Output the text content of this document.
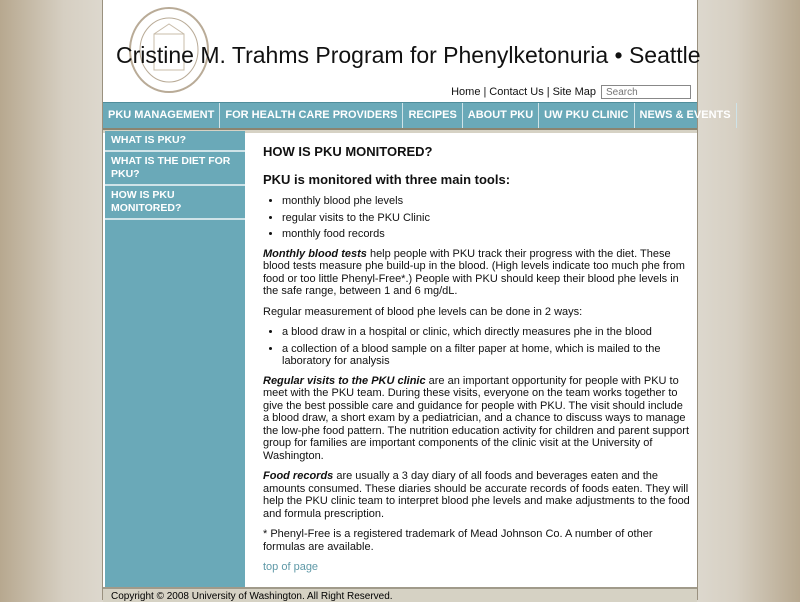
Cristine M. Trahms Program for Phenylketonuria • Seattle
Home | Contact Us | Site Map
Search
PKU MANAGEMENT	FOR HEALTH CARE PROVIDERS	RECIPES	ABOUT PKU	UW PKU CLINIC	NEWS & EVENTS
WHAT IS PKU?
WHAT IS THE DIET FOR PKU?
HOW IS PKU MONITORED?
HOW IS PKU MONITORED?
PKU is monitored with three main tools:
• monthly blood phe levels
• regular visits to the PKU Clinic
• monthly food records

Monthly blood tests help people with PKU track their progress with the diet. These blood tests measure phe build-up in the blood. (High levels indicate too much phe from food or too little Phenyl-Free*.) People with PKU should keep their blood phe levels in the safe range, between 1 and 6 mg/dL.

Regular measurement of blood phe levels can be done in 2 ways:

• a blood draw in a hospital or clinic, which directly measures phe in the blood
• a collection of a blood sample on a filter paper at home, which is mailed to the laboratory for analysis

Regular visits to the PKU clinic are an important opportunity for people with PKU to meet with the PKU team. During these visits, everyone on the team works together to give the best possible care and guidance for people with PKU. The visit should include a blood draw, a short exam by a pediatrician, and a chance to discuss ways to manage the low-phe food pattern. The nutrition education activity for children and parent support group for families are important components of the clinic visit at the University of Washington.

Food records are usually a 3 day diary of all foods and beverages eaten and the amounts consumed. These diaries should be accurate records of foods eaten. They will help the PKU clinic team to interpret blood phe levels and make adjustments to the food and formula prescription.

* Phenyl-Free is a registered trademark of Mead Johnson Co. A number of other formulas are available.

top of page

Copyright © 2008 University of Washington. All Right Reserved.
